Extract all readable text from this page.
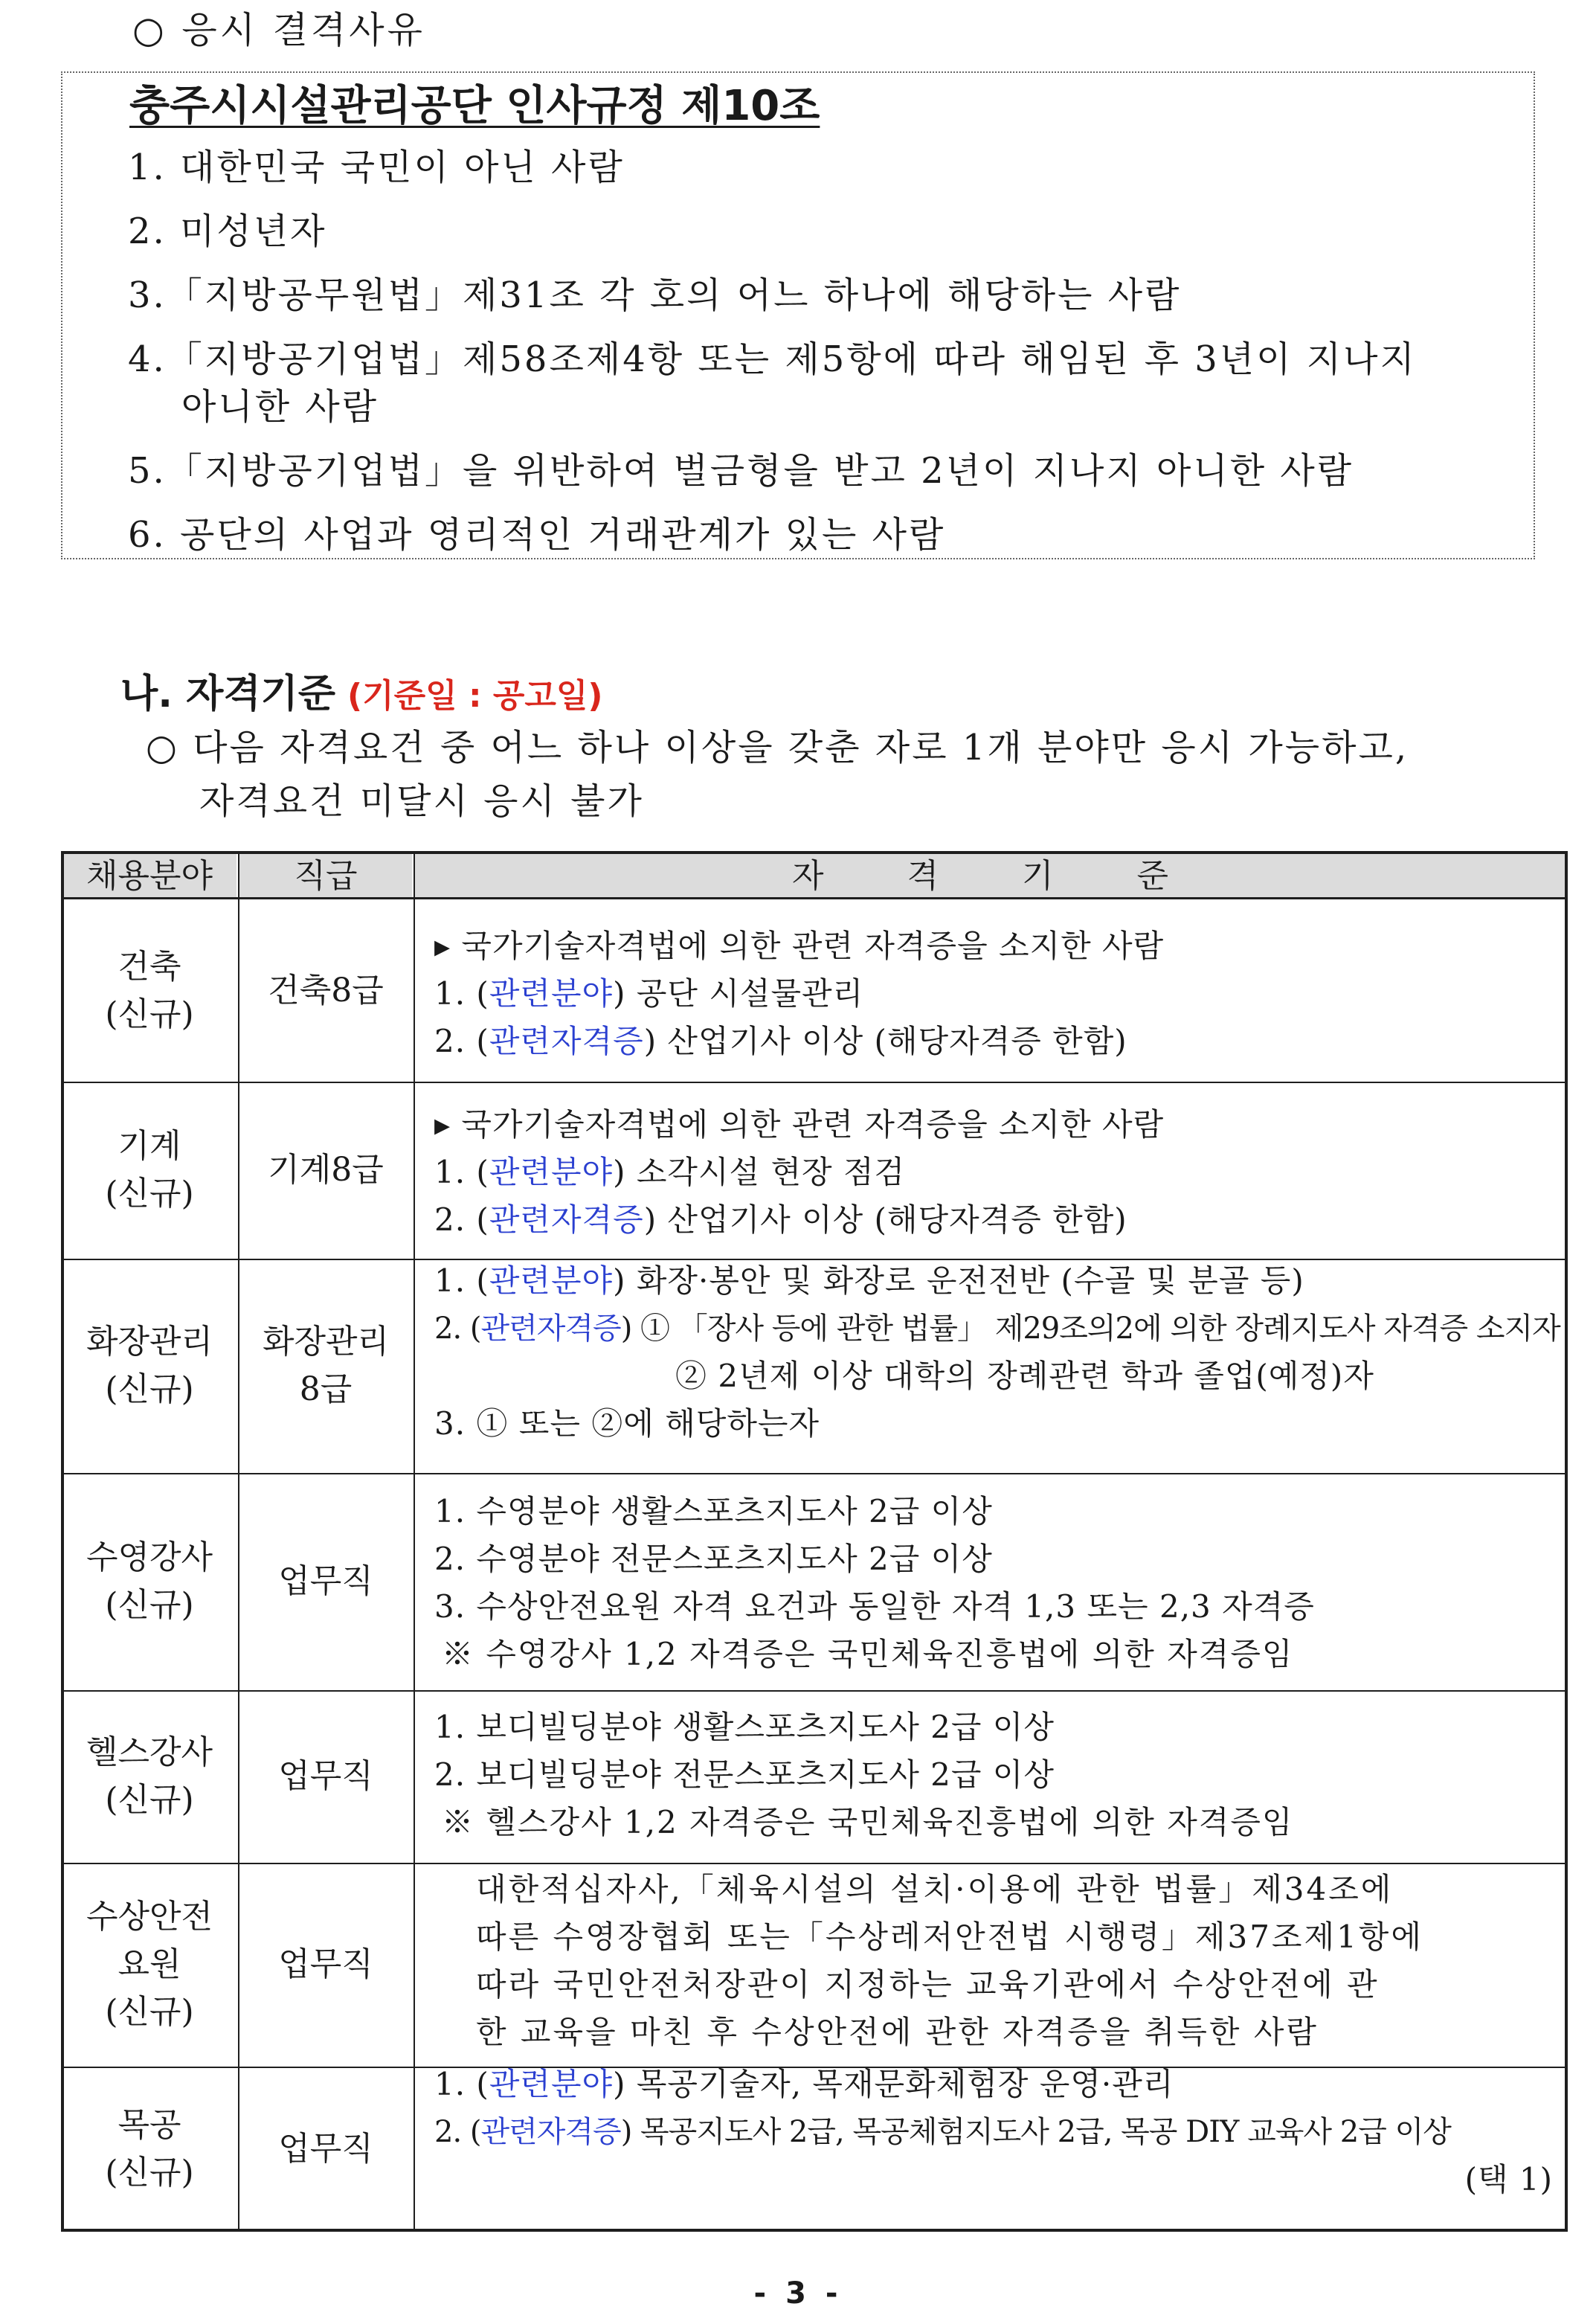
○ 응시 결격사유
충주시시설관리공단 인사규정 제10조
1. 대한민국 국민이 아닌 사람
2. 미성년자
3.「지방공무원법」제31조 각 호의 어느 하나에 해당하는 사람
4.「지방공기업법」제58조제4항 또는 제5항에 따라 해임된 후 3년이 지나지
아니한 사람
5.「지방공기업법」을 위반하여 벌금형을 받고 2년이 지나지 아니한 사람
6. 공단의 사업과 영리적인 거래관계가 있는 사람
나. 자격기준 (기준일 : 공고일)
○ 다음 자격요건 중 어느 하나 이상을 갖춘 자로 1개 분야만 응시 가능하고,
자격요건 미달시 응시 불가
채용분야	직급	자  격  기  준
건축
(신규)
건축8급
▸ 국가기술자격법에 의한 관련 자격증을 소지한 사람
1. (관련분야) 공단 시설물관리
2. (관련자격증) 산업기사 이상 (해당자격증 한함)
기계
(신규)
기계8급
▸ 국가기술자격법에 의한 관련 자격증을 소지한 사람
1. (관련분야) 소각시설 현장 점검
2. (관련자격증) 산업기사 이상 (해당자격증 한함)
화장관리
(신규)
화장관리
8급
1. (관련분야) 화장·봉안 및 화장로 운전전반 (수골 및 분골 등)
2. (관련자격증) ① 「장사 등에 관한 법률」 제29조의2에 의한 장례지도사 자격증 소지자
② 2년제 이상 대학의 장례관련 학과 졸업(예정)자
3. ① 또는 ②에 해당하는자
수영강사
(신규)
업무직
1. 수영분야 생활스포츠지도사 2급 이상
2. 수영분야 전문스포츠지도사 2급 이상
3. 수상안전요원 자격 요건과 동일한 자격 1,3 또는 2,3 자격증
※ 수영강사 1,2 자격증은 국민체육진흥법에 의한 자격증임
헬스강사
(신규)
업무직
1. 보디빌딩분야 생활스포츠지도사 2급 이상
2. 보디빌딩분야 전문스포츠지도사 2급 이상
※ 헬스강사 1,2 자격증은 국민체육진흥법에 의한 자격증임
수상안전
요원
(신규)
업무직
대한적십자사,「체육시설의 설치·이용에 관한 법률」제34조에
따른 수영장협회 또는「수상레저안전법 시행령」제37조제1항에
따라 국민안전처장관이 지정하는 교육기관에서 수상안전에 관
한 교육을 마친 후 수상안전에 관한 자격증을 취득한 사람
목공
(신규)
업무직
1. (관련분야) 목공기술자, 목재문화체험장 운영·관리
2. (관련자격증) 목공지도사 2급, 목공체험지도사 2급, 목공 DIY 교육사 2급 이상
(택 1)
- 3 -
